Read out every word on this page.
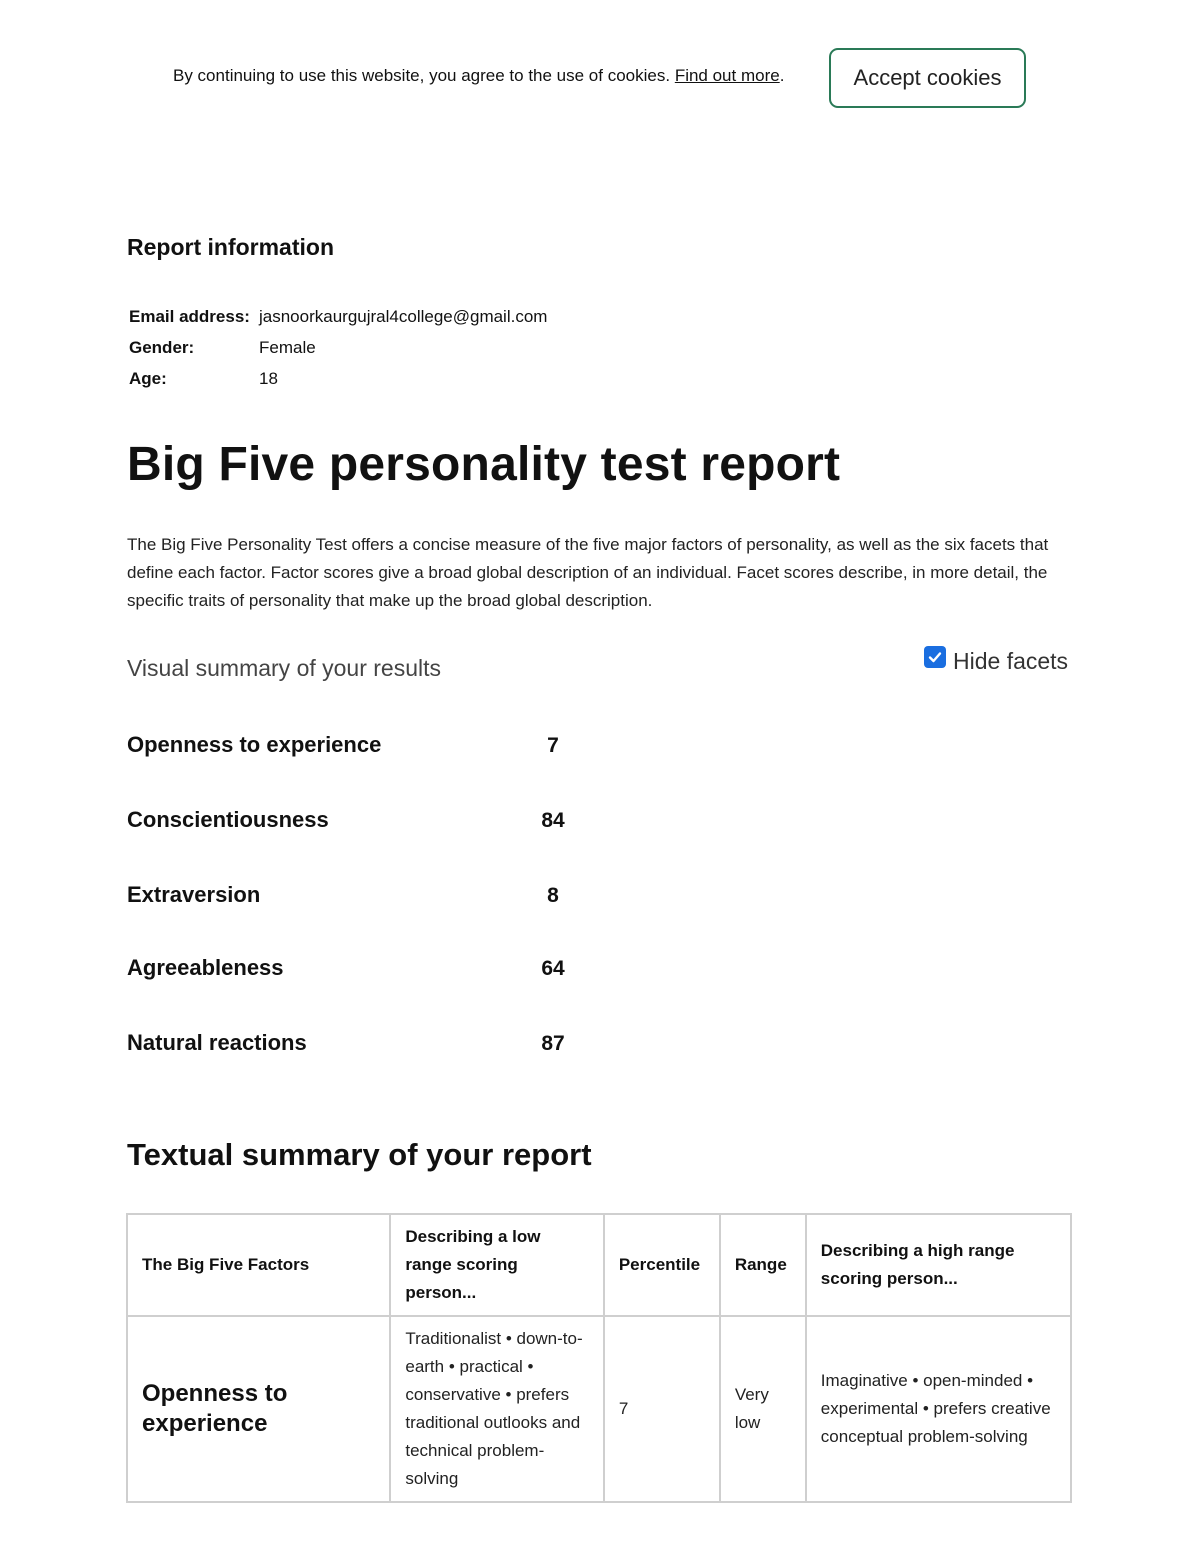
By continuing to use this website, you agree to the use of cookies. Find out more.	Accept cookies
Report information
Email address:	jasnoorkaurgujral4college@gmail.com
Gender:	Female
Age:	18
Big Five personality test report

The Big Five Personality Test offers a concise measure of the five major factors of personality, as well as the six facets that define each factor. Factor scores give a broad global description of an individual. Facet scores describe, in more detail, the specific traits of personality that make up the broad global description.

Visual summary of your results	Hide facets
Openness to experience	7
Conscientiousness	84
Extraversion	8
Agreeableness	64
Natural reactions	87
Textual summary of your report
The Big Five Factors	Describing a low range scoring person...	Percentile	Range	Describing a high range scoring person...
Openness to experience	Traditionalist • down-to-earth • practical • conservative • prefers traditional outlooks and technical problem-solving	7	Very low	Imaginative • open-minded • experimental • prefers creative conceptual problem-solving
